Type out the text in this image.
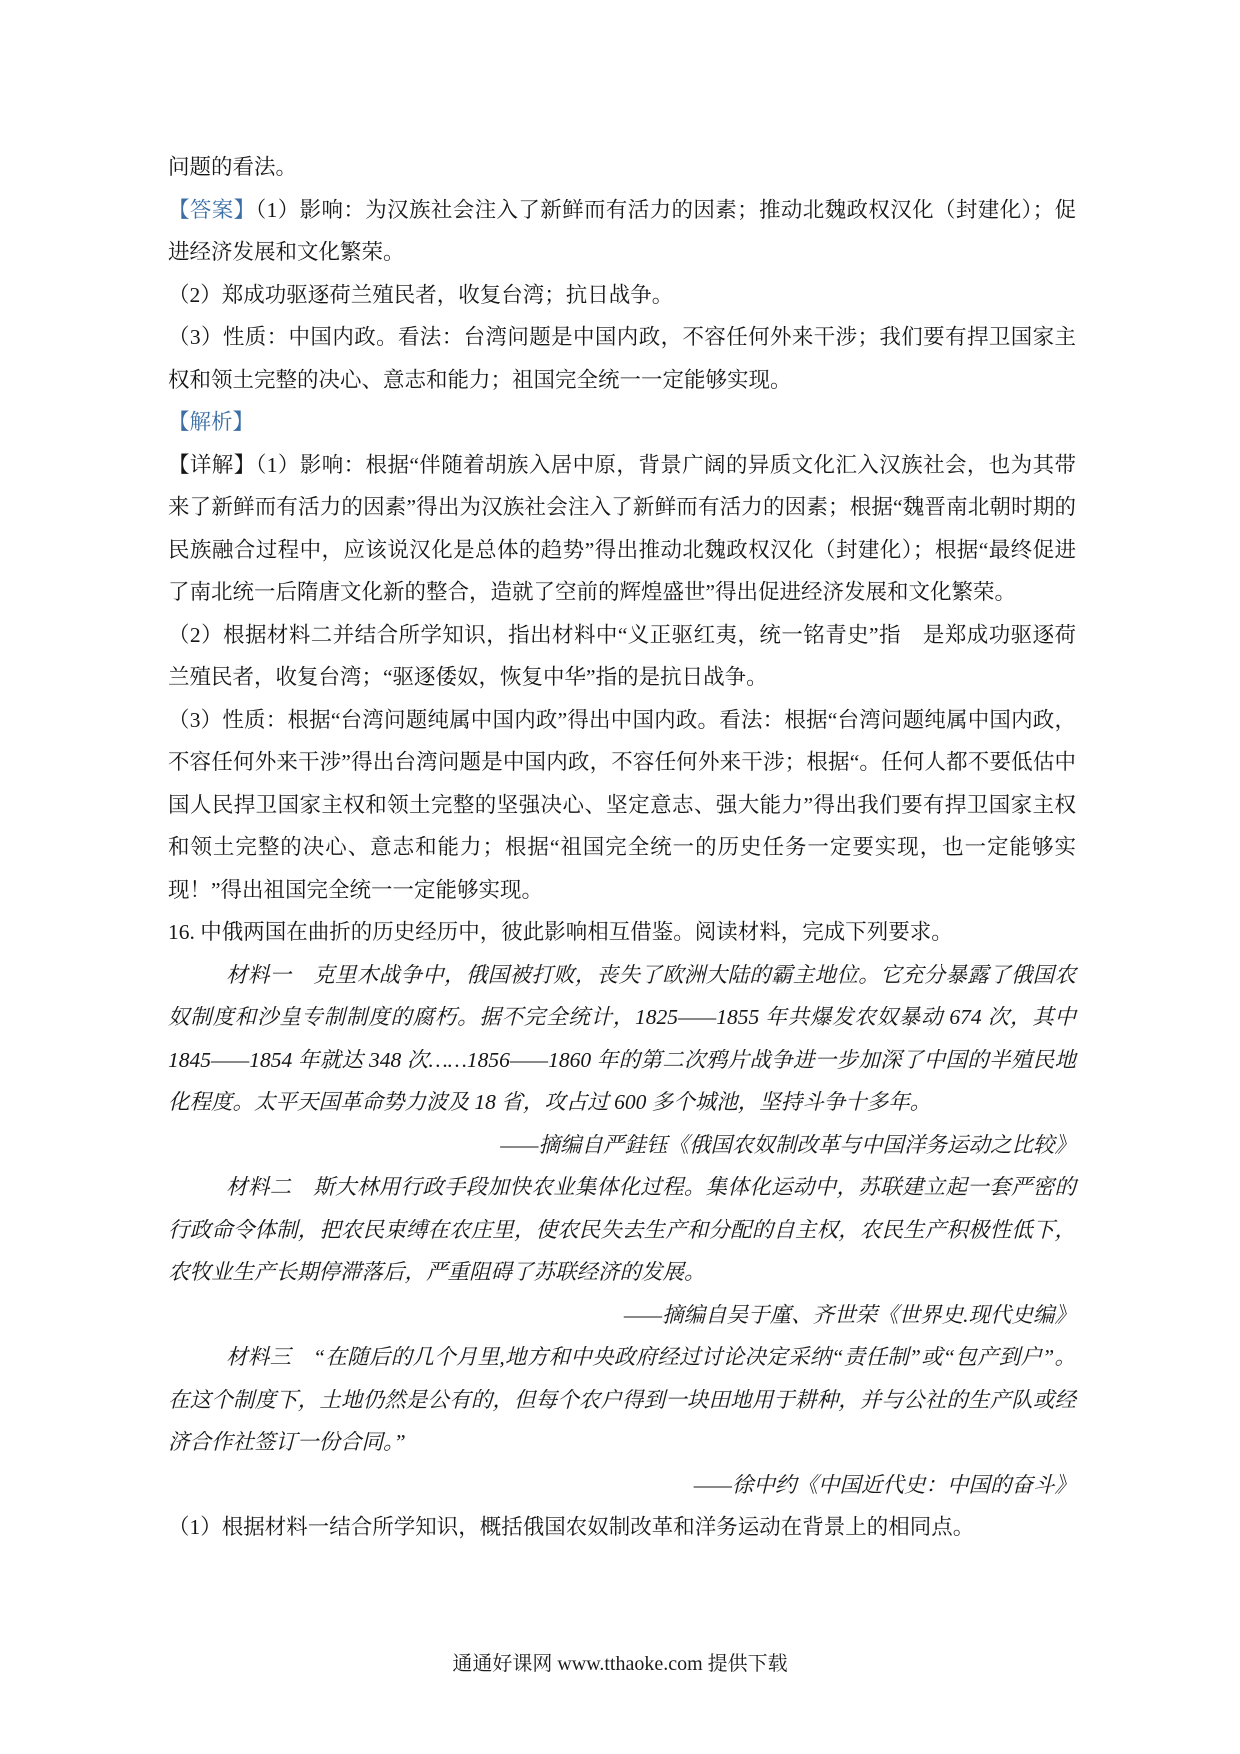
问题的看法。

【答案】（1）影响：为汉族社会注入了新鲜而有活力的因素；推动北魏政权汉化（封建化）；促进经济发展和文化繁荣。

（2）郑成功驱逐荷兰殖民者，收复台湾；抗日战争。

（3）性质：中国内政。看法：台湾问题是中国内政，不容任何外来干涉；我们要有捍卫国家主权和领土完整的决心、意志和能力；祖国完全统一一定能够实现。

【解析】

【详解】（1）影响：根据“伴随着胡族入居中原，背景广阔的异质文化汇入汉族社会，也为其带来了新鲜而有活力的因素”得出为汉族社会注入了新鲜而有活力的因素；根据“魏晋南北朝时期的民族融合过程中，应该说汉化是总体的趋势”得出推动北魏政权汉化（封建化）；根据“最终促进了南北统一后隋唐文化新的整合，造就了空前的辉煌盛世”得出促进经济发展和文化繁荣。

（2）根据材料二并结合所学知识，指出材料中“义正驱红夷，统一铭青史”指　是郑成功驱逐荷兰殖民者，收复台湾；“驱逐倭奴，恢复中华”指的是抗日战争。

（3）性质：根据“台湾问题纯属中国内政”得出中国内政。看法：根据“台湾问题纯属中国内政，不容任何外来干涉”得出台湾问题是中国内政，不容任何外来干涉；根据“。任何人都不要低估中国人民捍卫国家主权和领土完整的坚强决心、坚定意志、强大能力”得出我们要有捍卫国家主权和领土完整的决心、意志和能力；根据“祖国完全统一的历史任务一定要实现，也一定能够实现！”得出祖国完全统一一定能够实现。

16. 中俄两国在曲折的历史经历中，彼此影响相互借鉴。阅读材料，完成下列要求。

材料一　克里木战争中，俄国被打败，丧失了欧洲大陆的霸主地位。它充分暴露了俄国农奴制度和沙皇专制制度的腐朽。据不完全统计，1825——1855 年共爆发农奴暴动 674 次，其中 1845——1854 年就达 348 次……1856——1860 年的第二次鸦片战争进一步加深了中国的半殖民地化程度。太平天国革命势力波及 18 省，攻占过 600 多个城池，坚持斗争十多年。

——摘编自严銈钰《俄国农奴制改革与中国洋务运动之比较》

材料二　斯大林用行政手段加快农业集体化过程。集体化运动中，苏联建立起一套严密的行政命令体制，把农民束缚在农庄里，使农民失去生产和分配的自主权，农民生产积极性低下，农牧业生产长期停滞落后，严重阻碍了苏联经济的发展。

——摘编自吴于廑、齐世荣《世界史.现代史编》

材料三　“在随后的几个月里,地方和中央政府经过讨论决定采纳“责任制”或“包产到户”。在这个制度下，土地仍然是公有的，但每个农户得到一块田地用于耕种，并与公社的生产队或经济合作社签订一份合同。”

——徐中约《中国近代史：中国的奋斗》

（1）根据材料一结合所学知识，概括俄国农奴制改革和洋务运动在背景上的相同点。

通通好课网 www.tthaoke.com 提供下载
